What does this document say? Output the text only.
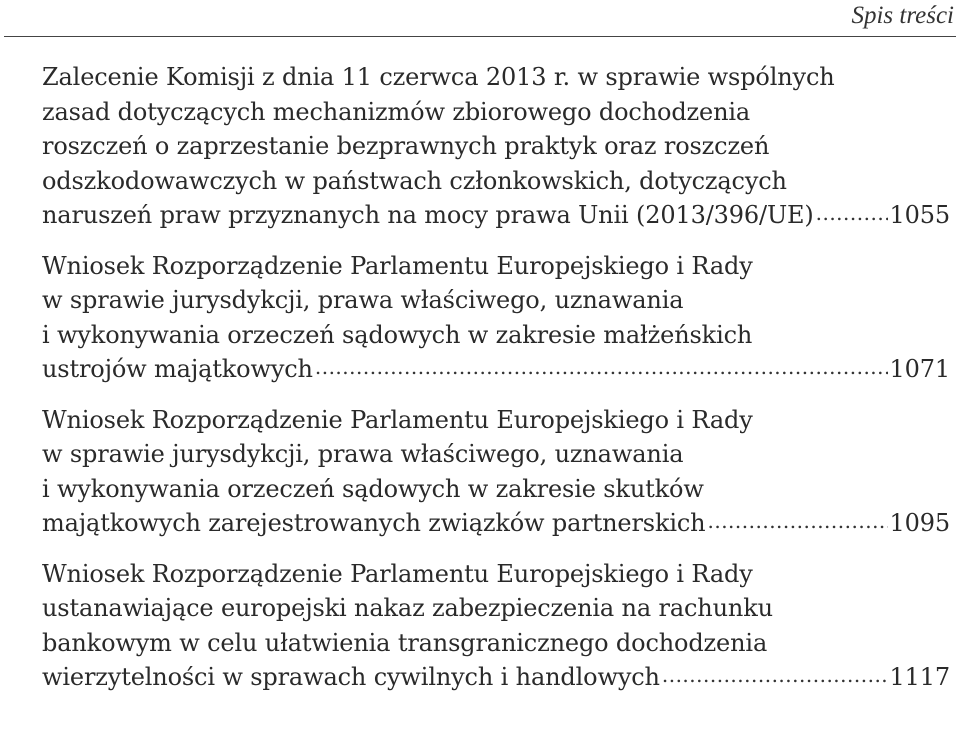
Spis treści
Zalecenie Komisji z dnia 11 czerwca 2013 r. w sprawie wspólnych
zasad dotyczących mechanizmów zbiorowego dochodzenia
roszczeń o zaprzestanie bezprawnych praktyk oraz roszczeń
odszkodowawczych w państwach członkowskich, dotyczących
naruszeń praw przyznanych na mocy prawa Unii (2013/396/UE) .....	1055
Wniosek Rozporządzenie Parlamentu Europejskiego i Rady
w sprawie jurysdykcji, prawa właściwego, uznawania
i wykonywania orzeczeń sądowych w zakresie małżeńskich
ustrojów majątkowych .....	1071
Wniosek Rozporządzenie Parlamentu Europejskiego i Rady
w sprawie jurysdykcji, prawa właściwego, uznawania
i wykonywania orzeczeń sądowych w zakresie skutków
majątkowych zarejestrowanych związków partnerskich .....	1095
Wniosek Rozporządzenie Parlamentu Europejskiego i Rady
ustanawiające europejski nakaz zabezpieczenia na rachunku
bankowym w celu ułatwienia transgranicznego dochodzenia
wierzytelności w sprawach cywilnych i handlowych .....	1117
